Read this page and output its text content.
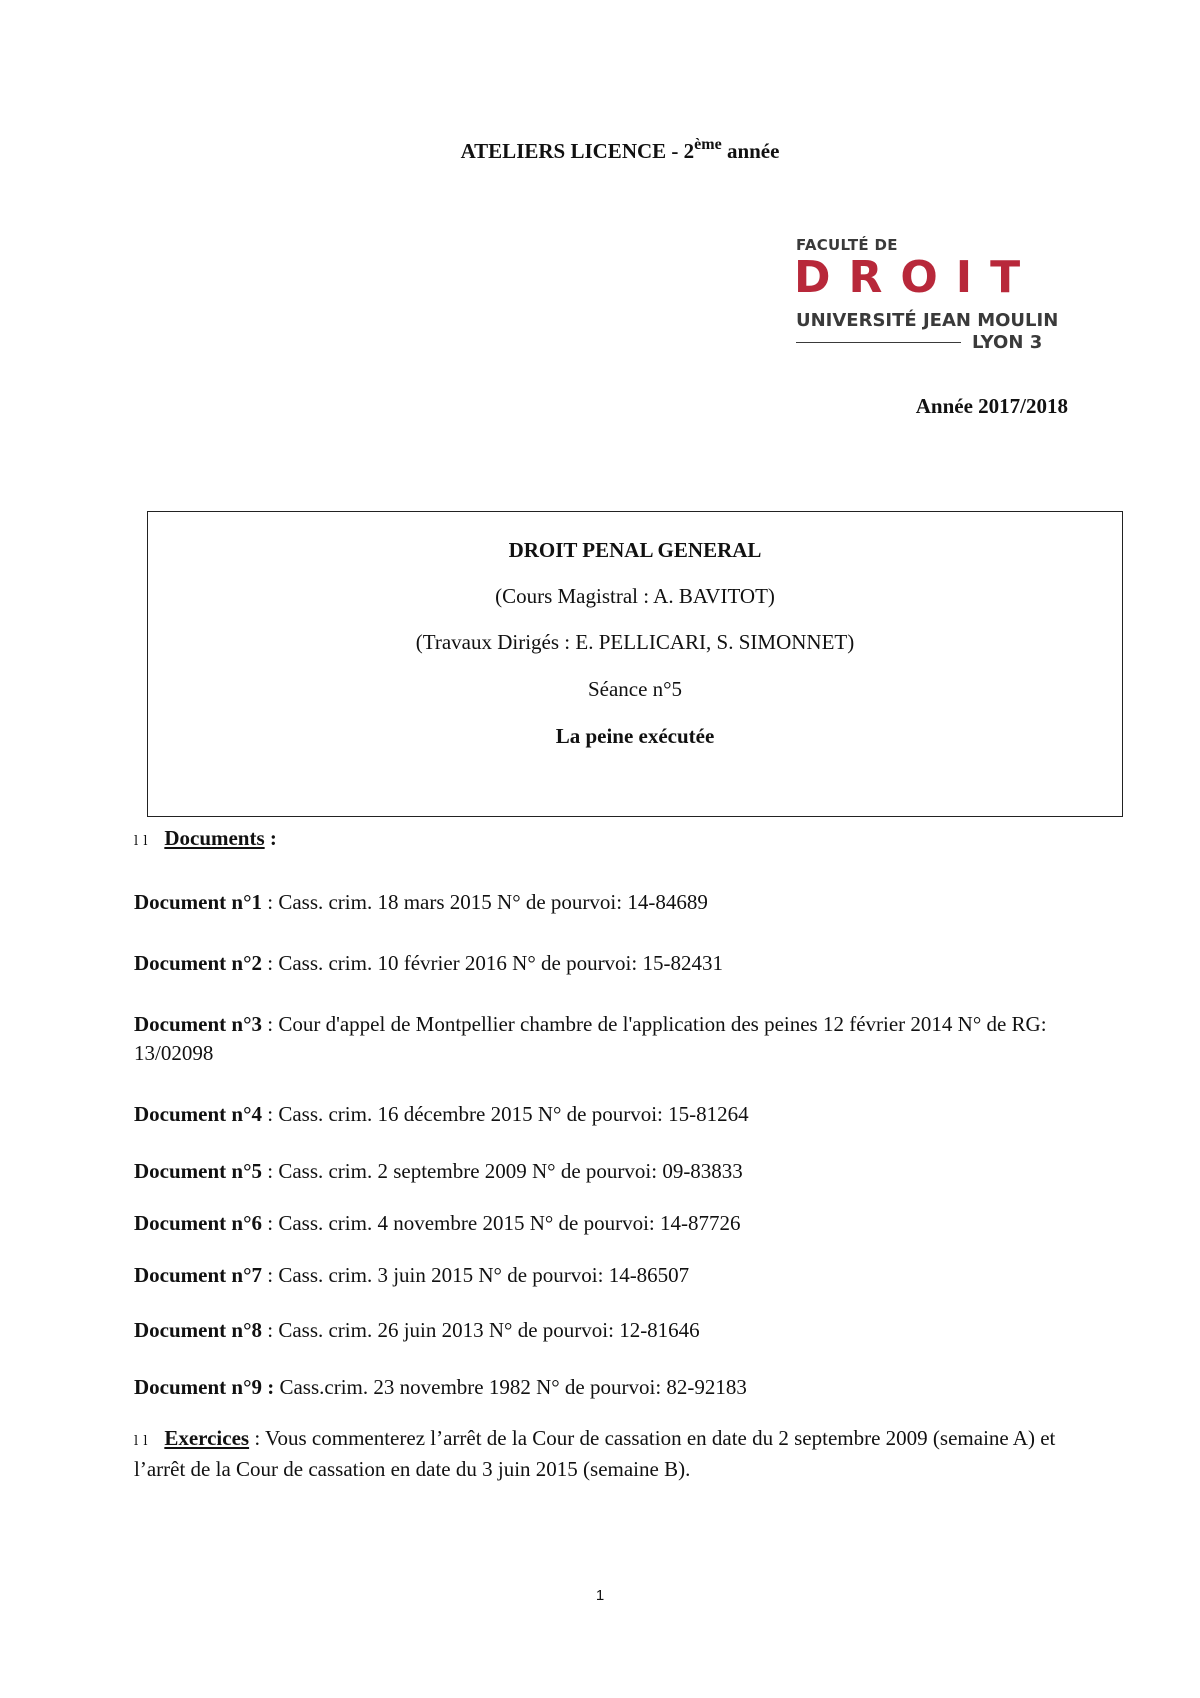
ATELIERS LICENCE - 2ème année
FACULTÉ DE
DROIT
UNIVERSITÉ JEAN MOULIN
LYON 3
Année 2017/2018
DROIT PENAL GENERAL
(Cours Magistral : A. BAVITOT)
(Travaux Dirigés : E. PELLICARI, S. SIMONNET)
Séance n°5
La peine exécutée
ⅼ ⅼ Documents :
Document n°1 : Cass. crim. 18 mars 2015 N° de pourvoi: 14-84689
Document n°2 : Cass. crim. 10 février 2016 N° de pourvoi: 15-82431
Document n°3 : Cour d'appel de Montpellier chambre de l'application des peines 12 février 2014 N° de RG: 13/02098
Document n°4 : Cass. crim. 16 décembre 2015 N° de pourvoi: 15-81264
Document n°5 : Cass. crim. 2 septembre 2009 N° de pourvoi: 09-83833
Document n°6 : Cass. crim. 4 novembre 2015 N° de pourvoi: 14-87726
Document n°7 : Cass. crim. 3 juin 2015 N° de pourvoi: 14-86507
Document n°8 : Cass. crim. 26 juin 2013 N° de pourvoi: 12-81646
Document n°9 : Cass.crim. 23 novembre 1982 N° de pourvoi: 82-92183
ⅼ ⅼ Exercices : Vous commenterez l’arrêt de la Cour de cassation en date du 2 septembre 2009 (semaine A) et l’arrêt de la Cour de cassation en date du 3 juin 2015 (semaine B).
1
